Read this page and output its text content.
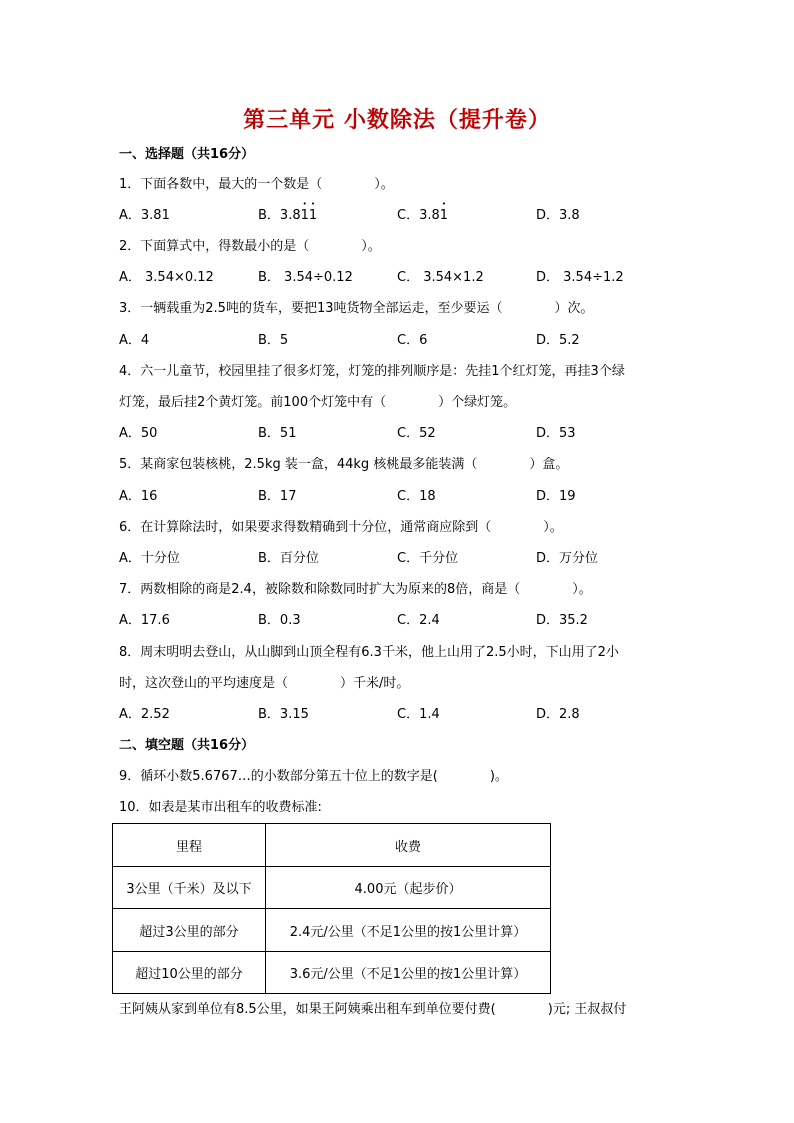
第三单元 小数除法（提升卷）
一、选择题（共16分）
1．下面各数中，最大的一个数是（　　　　）。
A．3.81	B．3.81 •1 •	C．3.81 •	D．3.8
2．下面算式中，得数最小的是（　　　　）。
A． 3.54×0.12	B． 3.54÷0.12	C． 3.54×1.2	D． 3.54÷1.2
3．一辆载重为2.5吨的货车，要把13吨货物全部运走，至少要运（　　　　）次。
A．4	B．5	C．6	D．5.2
4．六一儿童节，校园里挂了很多灯笼，灯笼的排列顺序是：先挂1个红灯笼，再挂3个绿
灯笼，最后挂2个黄灯笼。前100个灯笼中有（　　　　）个绿灯笼。
A．50	B．51	C．52	D．53
5．某商家包装核桃，2.5kg 装一盒，44kg 核桃最多能装满（　　　　）盒。
A．16	B．17	C．18	D．19
6．在计算除法时，如果要求得数精确到十分位，通常商应除到（　　　　）。
A．十分位	B．百分位	C．千分位	D．万分位
7．两数相除的商是2.4，被除数和除数同时扩大为原来的8倍，商是（　　　　）。
A．17.6	B．0.3	C．2.4	D．35.2
8．周末明明去登山，从山脚到山顶全程有6.3千米，他上山用了2.5小时，下山用了2小
时，这次登山的平均速度是（　　　　）千米/时。
A．2.52	B．3.15	C．1.4	D．2.8
二、填空题（共16分）
9．循环小数5.6767…的小数部分第五十位上的数字是(　　　　)。
10．如表是某市出租车的收费标准:
里程	收费
3公里（千米）及以下	4.00元（起步价）
超过3公里的部分	2.4元/公里（不足1公里的按1公里计算）
超过10公里的部分	3.6元/公里（不足1公里的按1公里计算）
王阿姨从家到单位有8.5公里，如果王阿姨乘出租车到单位要付费(　　　　)元; 王叔叔付
